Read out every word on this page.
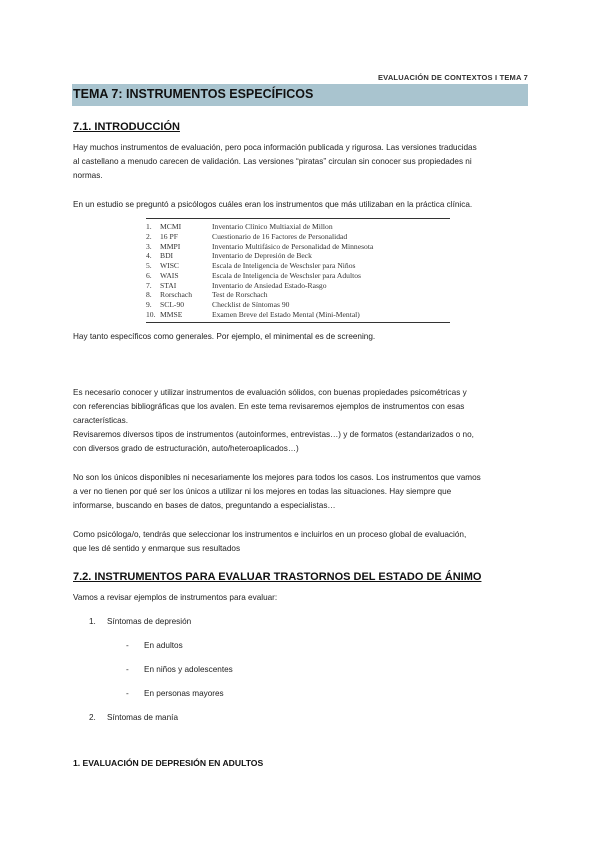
EVALUACIÓN DE CONTEXTOS I TEMA 7
TEMA 7: INSTRUMENTOS ESPECÍFICOS
7.1. INTRODUCCIÓN
Hay muchos instrumentos de evaluación, pero poca información publicada y rigurosa. Las versiones traducidas
al castellano a menudo carecen de validación. Las versiones “piratas” circulan sin conocer sus propiedades ni
normas.
En un estudio se preguntó a psicólogos cuáles eran los instrumentos que más utilizaban en la práctica clínica.
1.	MCMI	Inventario Clínico Multiaxial de Millon
2.	16 PF	Cuestionario de 16 Factores de Personalidad
3.	MMPI	Inventario Multifásico de Personalidad de Minnesota
4.	BDI	Inventario de Depresión de Beck
5.	WISC	Escala de Inteligencia de Weschsler para Niños
6.	WAIS	Escala de Inteligencia de Weschsler para Adultos
7.	STAI	Inventario de Ansiedad Estado-Rasgo
8.	Rorschach	Test de Rorschach
9.	SCL-90	Checklist de Síntomas 90
10. MMSE	Examen Breve del Estado Mental (Mini-Mental)
Hay tanto específicos como generales. Por ejemplo, el minimental es de screening.
Es necesario conocer y utilizar instrumentos de evaluación sólidos, con buenas propiedades psicométricas y
con referencias bibliográficas que los avalen. En este tema revisaremos ejemplos de instrumentos con esas
características.
Revisaremos diversos tipos de instrumentos (autoinformes, entrevistas…) y de formatos (estandarizados o no,
con diversos grado de estructuración, auto/heteroaplicados…)
No son los únicos disponibles ni necesariamente los mejores para todos los casos. Los instrumentos que vamos
a ver no tienen por qué ser los únicos a utilizar ni los mejores en todas las situaciones. Hay siempre que
informarse, buscando en bases de datos, preguntando a especialistas…
Como psicóloga/o, tendrás que seleccionar los instrumentos e incluirlos en un proceso global de evaluación,
que les dé sentido y enmarque sus resultados
7.2. INSTRUMENTOS PARA EVALUAR TRASTORNOS DEL ESTADO DE ÁNIMO
Vamos a revisar ejemplos de instrumentos para evaluar:
1. Síntomas de depresión
- En adultos
- En niños y adolescentes
- En personas mayores
2. Síntomas de manía
1. EVALUACIÓN DE DEPRESIÓN EN ADULTOS
